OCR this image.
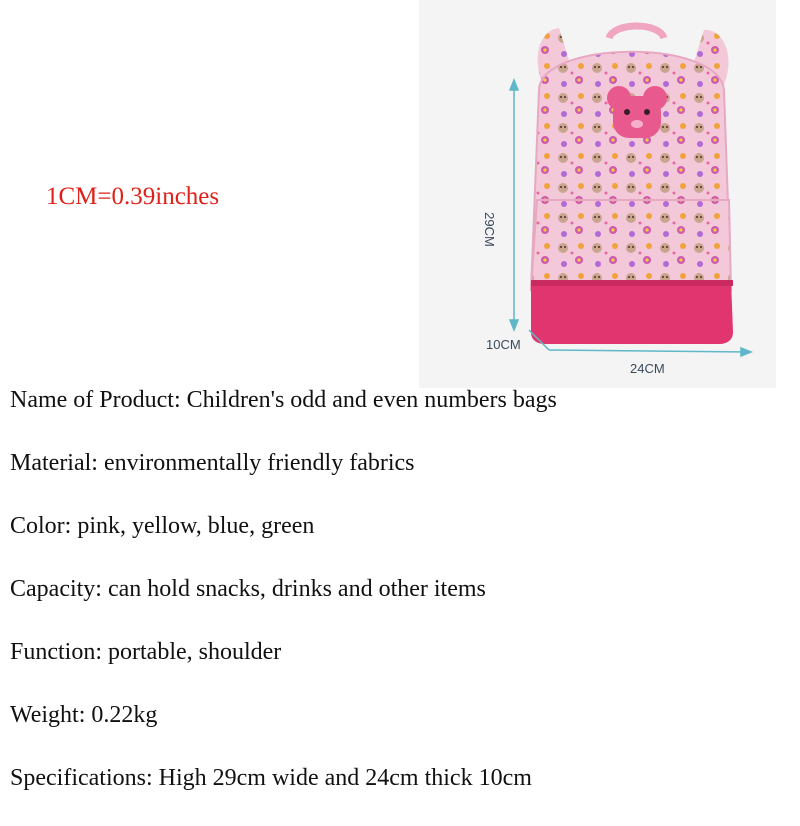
1CM=0.39inches
29CM
10CM
24CM
Name of Product: Children's odd and even numbers bags
Material: environmentally friendly fabrics
Color: pink, yellow, blue, green
Capacity: can hold snacks, drinks and other items
Function: portable, shoulder
Weight: 0.22kg
Specifications: High 29cm wide and 24cm thick 10cm
